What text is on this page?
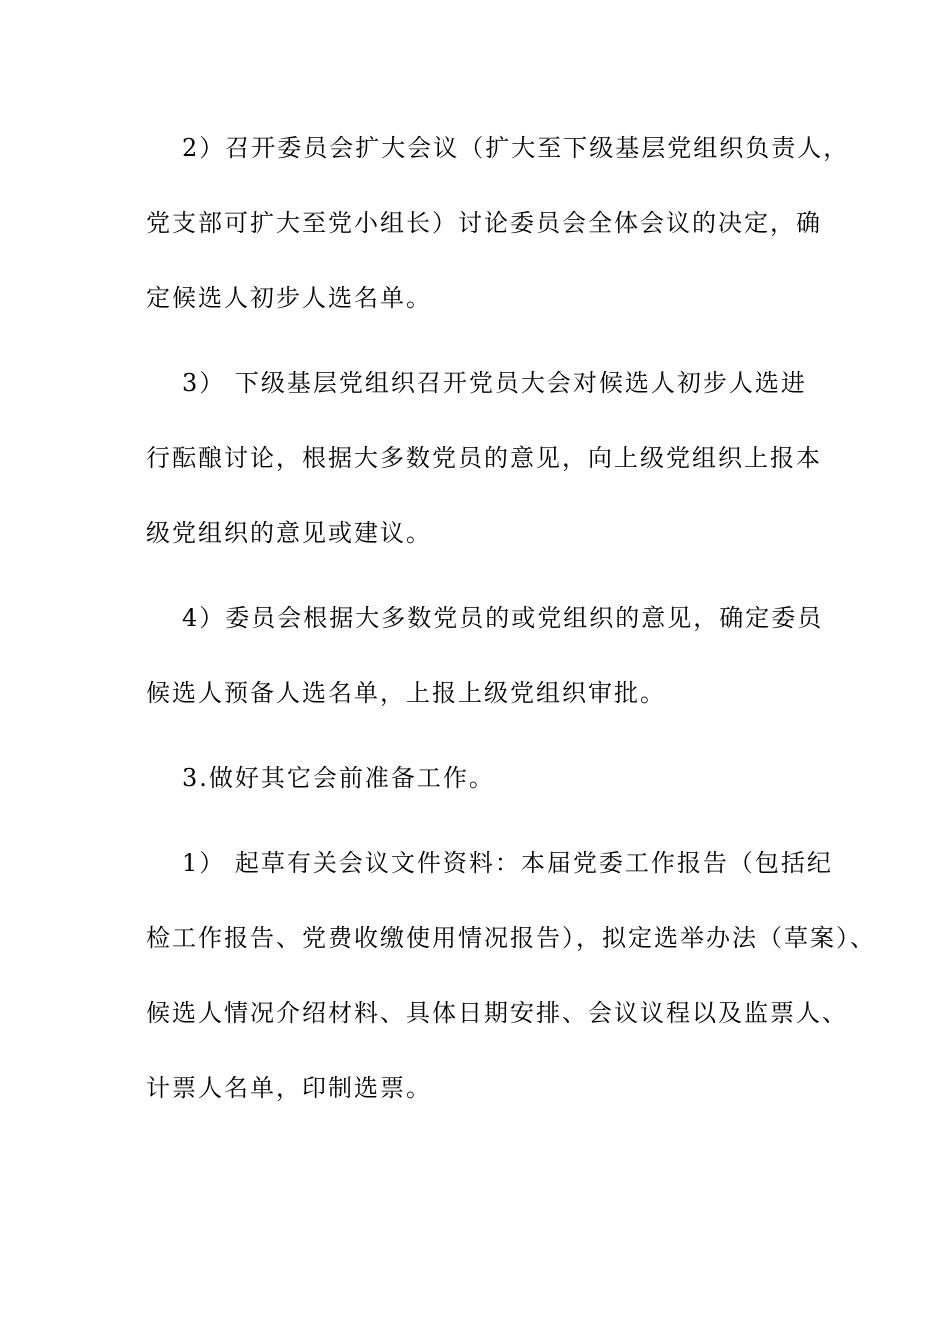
2）召开委员会扩大会议（扩大至下级基层党组织负责人，
党支部可扩大至党小组长）讨论委员会全体会议的决定，确
定候选人初步人选名单。
3） 下级基层党组织召开党员大会对候选人初步人选进
行酝酿讨论，根据大多数党员的意见，向上级党组织上报本
级党组织的意见或建议。
4）委员会根据大多数党员的或党组织的意见，确定委员
候选人预备人选名单，上报上级党组织审批。
3.做好其它会前准备工作。
1） 起草有关会议文件资料：本届党委工作报告（包括纪
检工作报告、党费收缴使用情况报告），拟定选举办法（草案）、
候选人情况介绍材料、具体日期安排、会议议程以及监票人、
计票人名单，印制选票。
